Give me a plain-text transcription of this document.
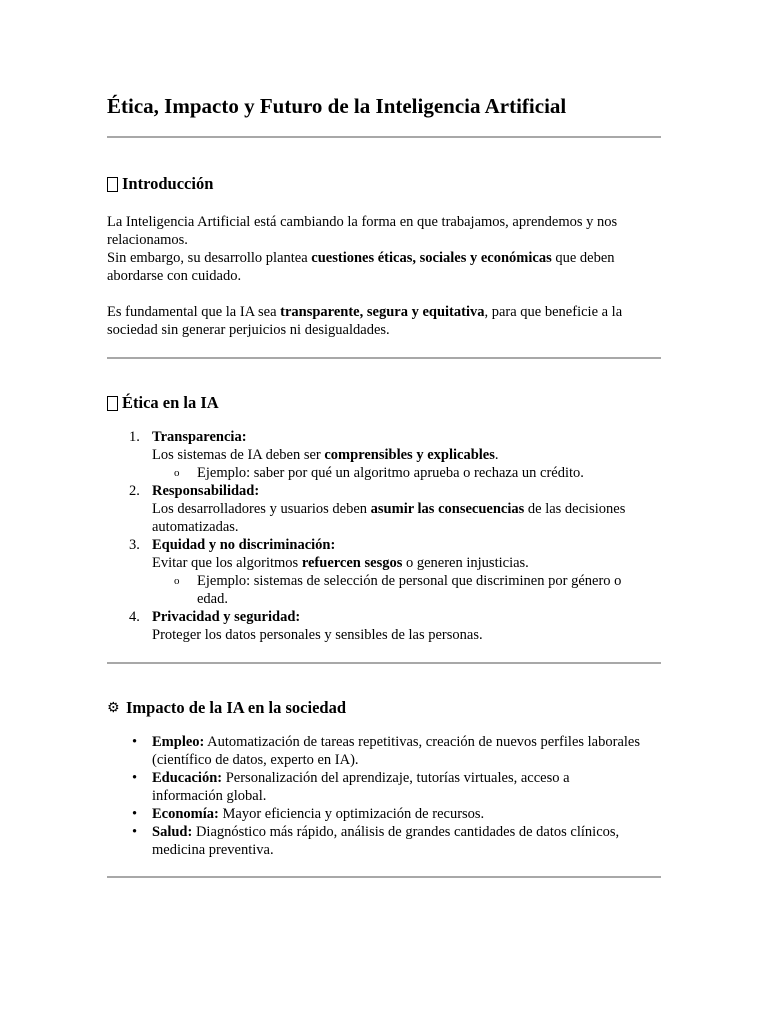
Ética, Impacto y Futuro de la Inteligencia Artificial
Introducción

La Inteligencia Artificial está cambiando la forma en que trabajamos, aprendemos y nos
relacionamos.
Sin embargo, su desarrollo plantea cuestiones éticas, sociales y económicas que deben
abordarse con cuidado.

Es fundamental que la IA sea transparente, segura y equitativa, para que beneficie a la
sociedad sin generar perjuicios ni desigualdades.

Ética en la IA
1. Transparencia:
Los sistemas de IA deben ser comprensibles y explicables.
o Ejemplo: saber por qué un algoritmo aprueba o rechaza un crédito.
2. Responsabilidad:
Los desarrolladores y usuarios deben asumir las consecuencias de las decisiones
automatizadas.
3. Equidad y no discriminación:
Evitar que los algoritmos refuercen sesgos o generen injusticias.
o Ejemplo: sistemas de selección de personal que discriminen por género o
edad.
4. Privacidad y seguridad:
Proteger los datos personales y sensibles de las personas.
⚙ Impacto de la IA en la sociedad
• Empleo: Automatización de tareas repetitivas, creación de nuevos perfiles laborales
(científico de datos, experto en IA).
• Educación: Personalización del aprendizaje, tutorías virtuales, acceso a
información global.
• Economía: Mayor eficiencia y optimización de recursos.
• Salud: Diagnóstico más rápido, análisis de grandes cantidades de datos clínicos,
medicina preventiva.
